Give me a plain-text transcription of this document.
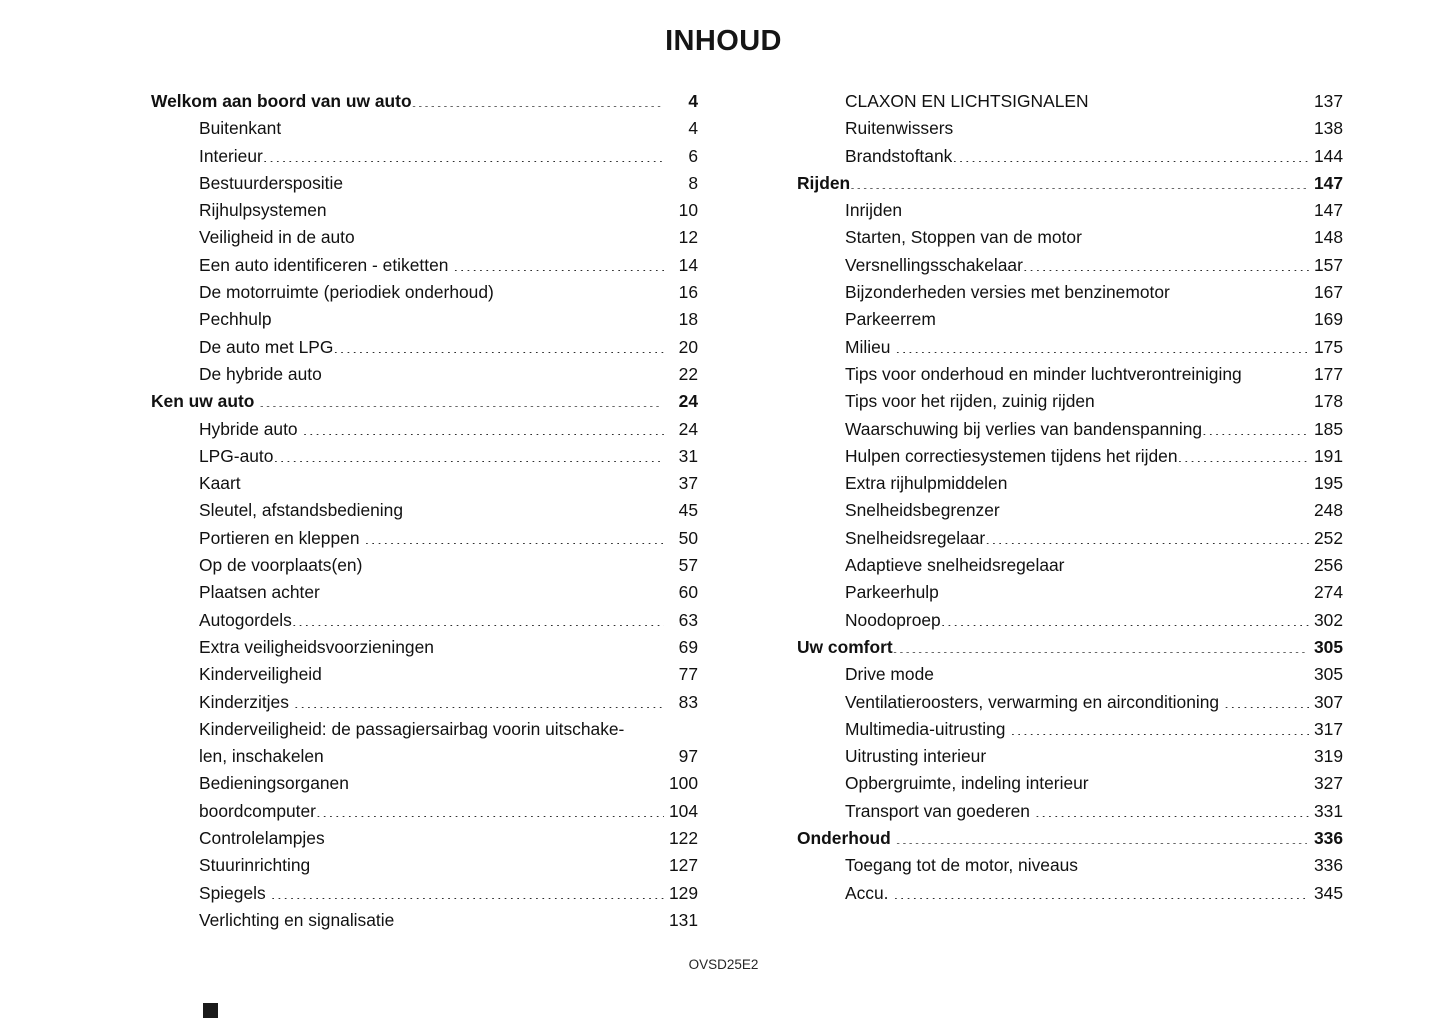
INHOUD
Welkom aan boord van uw auto .....	4
Buitenkant .....	4
Interieur .....	6
Bestuurderspositie .....	8
Rijhulpsystemen .....	10
Veiligheid in de auto .....	12
Een auto identificeren - etiketten .....	14
De motorruimte (periodiek onderhoud) .....	16
Pechhulp .....	18
De auto met LPG .....	20
De hybride auto .....	22
Ken uw auto .....	24
Hybride auto .....	24
LPG-auto .....	31
Kaart .....	37
Sleutel, afstandsbediening .....	45
Portieren en kleppen .....	50
Op de voorplaats(en) .....	57
Plaatsen achter .....	60
Autogordels .....	63
Extra veiligheidsvoorzieningen .....	69
Kinderveiligheid .....	77
Kinderzitjes .....	83
Kinderveiligheid: de passagiersairbag voorin uitschake-
len, inschakelen .....	97
Bedieningsorganen .....	100
boordcomputer .....	104
Controlelampjes .....	122
Stuurinrichting .....	127
Spiegels .....	129
Verlichting en signalisatie .....	131
CLAXON EN LICHTSIGNALEN .....	137
Ruitenwissers .....	138
Brandstoftank .....	144
Rijden .....	147
Inrijden .....	147
Starten, Stoppen van de motor .....	148
Versnellingsschakelaar .....	157
Bijzonderheden versies met benzinemotor .....	167
Parkeerrem .....	169
Milieu .....	175
Tips voor onderhoud en minder luchtverontreiniging .....	177
Tips voor het rijden, zuinig rijden .....	178
Waarschuwing bij verlies van bandenspanning .....	185
Hulpen correctiesystemen tijdens het rijden .....	191
Extra rijhulpmiddelen .....	195
Snelheidsbegrenzer .....	248
Snelheidsregelaar .....	252
Adaptieve snelheidsregelaar .....	256
Parkeerhulp .....	274
Noodoproep .....	302
Uw comfort .....	305
Drive mode .....	305
Ventilatieroosters, verwarming en airconditioning .....	307
Multimedia-uitrusting .....	317
Uitrusting interieur .....	319
Opbergruimte, indeling interieur .....	327
Transport van goederen .....	331
Onderhoud .....	336
Toegang tot de motor, niveaus .....	336
Accu. .....	345
OVSD25E2
